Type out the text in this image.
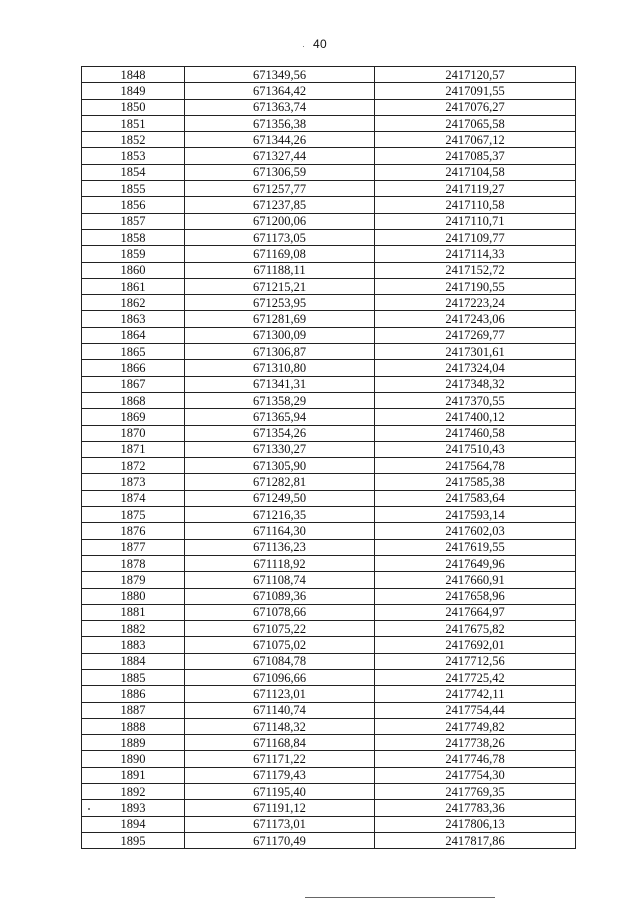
40
1848	671349,56	2417120,57
1849	671364,42	2417091,55
1850	671363,74	2417076,27
1851	671356,38	2417065,58
1852	671344,26	2417067,12
1853	671327,44	2417085,37
1854	671306,59	2417104,58
1855	671257,77	2417119,27
1856	671237,85	2417110,58
1857	671200,06	2417110,71
1858	671173,05	2417109,77
1859	671169,08	2417114,33
1860	671188,11	2417152,72
1861	671215,21	2417190,55
1862	671253,95	2417223,24
1863	671281,69	2417243,06
1864	671300,09	2417269,77
1865	671306,87	2417301,61
1866	671310,80	2417324,04
1867	671341,31	2417348,32
1868	671358,29	2417370,55
1869	671365,94	2417400,12
1870	671354,26	2417460,58
1871	671330,27	2417510,43
1872	671305,90	2417564,78
1873	671282,81	2417585,38
1874	671249,50	2417583,64
1875	671216,35	2417593,14
1876	671164,30	2417602,03
1877	671136,23	2417619,55
1878	671118,92	2417649,96
1879	671108,74	2417660,91
1880	671089,36	2417658,96
1881	671078,66	2417664,97
1882	671075,22	2417675,82
1883	671075,02	2417692,01
1884	671084,78	2417712,56
1885	671096,66	2417725,42
1886	671123,01	2417742,11
1887	671140,74	2417754,44
1888	671148,32	2417749,82
1889	671168,84	2417738,26
1890	671171,22	2417746,78
1891	671179,43	2417754,30
1892	671195,40	2417769,35
1893	671191,12	2417783,36
1894	671173,01	2417806,13
1895	671170,49	2417817,86
